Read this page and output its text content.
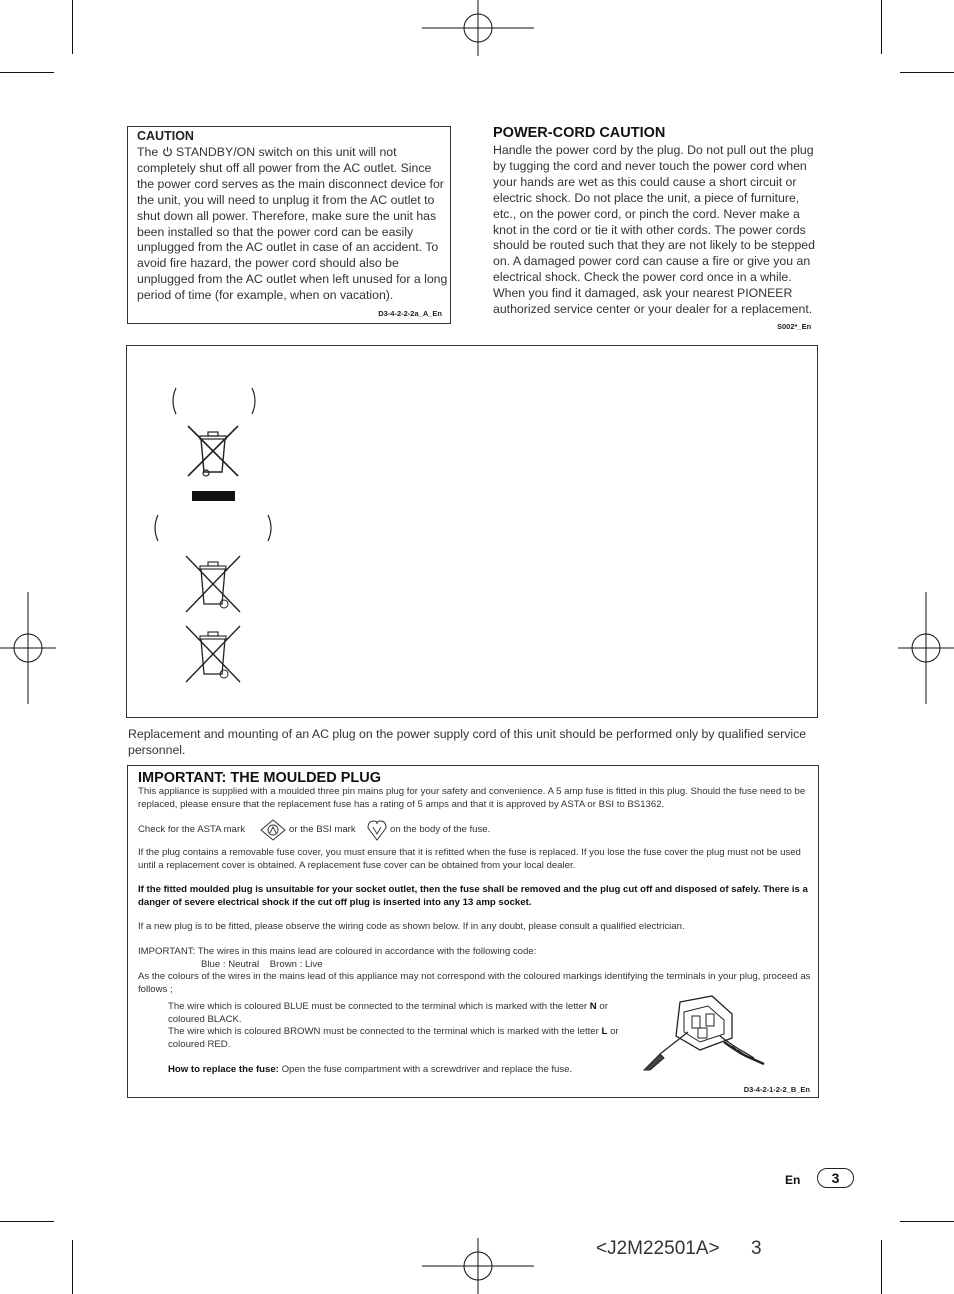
CAUTION
The STANDBY/ON switch on this unit will not completely shut off all power from the AC outlet. Since the power cord serves as the main disconnect device for the unit, you will need to unplug it from the AC outlet to shut down all power. Therefore, make sure the unit has been installed so that the power cord can be easily unplugged from the AC outlet in case of an accident. To avoid fire hazard, the power cord should also be unplugged from the AC outlet when left unused for a long period of time (for example, when on vacation).
D3-4-2-2-2a_A_En
POWER-CORD CAUTION
Handle the power cord by the plug. Do not pull out the plug by tugging the cord and never touch the power cord when your hands are wet as this could cause a short circuit or electric shock. Do not place the unit, a piece of furniture, etc., on the power cord, or pinch the cord. Never make a knot in the cord or tie it with other cords. The power cords should be routed such that they are not likely to be stepped on. A damaged power cord can cause a fire or give you an electrical shock. Check the power cord once in a while. When you find it damaged, ask your nearest PIONEER authorized service center or your dealer for a replacement.
S002*_En
Replacement and mounting of an AC plug on the power supply cord of this unit should be performed only by qualified service personnel.
IMPORTANT: THE MOULDED PLUG
This appliance is supplied with a moulded three pin mains plug for your safety and convenience. A 5 amp fuse is fitted in this plug. Should the fuse need to be replaced, please ensure that the replacement fuse has a rating of 5 amps and that it is approved by ASTA or BSI to BS1362.
Check for the ASTA mark	or the BSI mark	on the body of the fuse.
If the plug contains a removable fuse cover, you must ensure that it is refitted when the fuse is replaced. If you lose the fuse cover the plug must not be used until a replacement cover is obtained. A replacement fuse cover can be obtained from your local dealer.
If the fitted moulded plug is unsuitable for your socket outlet, then the fuse shall be removed and the plug cut off and disposed of safely. There is a danger of severe electrical shock if the cut off plug is inserted into any 13 amp socket.
If a new plug is to be fitted, please observe the wiring code as shown below. If in any doubt, please consult a qualified electrician.
IMPORTANT: The wires in this mains lead are coloured in accordance with the following code:
Blue : Neutral    Brown : Live
As the colours of the wires in the mains lead of this appliance may not correspond with the coloured markings identifying the terminals in your plug, proceed as follows ;
The wire which is coloured BLUE must be connected to the terminal which is marked with the letter N or coloured BLACK.
The wire which is coloured BROWN must be connected to the terminal which is marked with the letter L or coloured RED.
How to replace the fuse: Open the fuse compartment with a screwdriver and replace the fuse.
D3-4-2-1-2-2_B_En
En	3
<J2M22501A> 3
